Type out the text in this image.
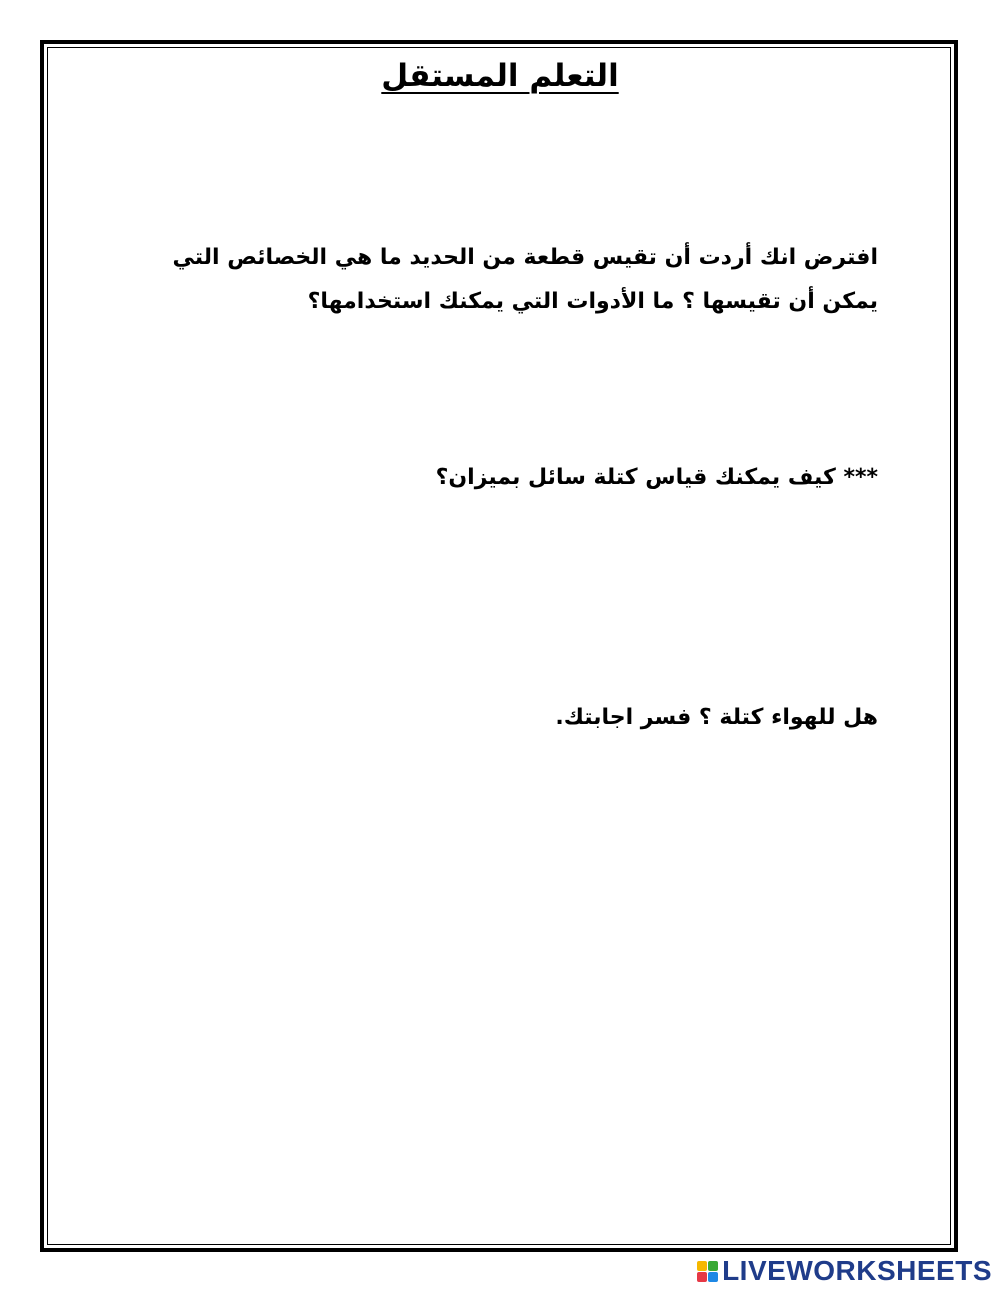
التعلم المستقل

افترض انك أردت أن تقيس قطعة من الحديد ما هي الخصائص التي يمكن أن تقيسها ؟ ما الأدوات التي يمكنك استخدامها؟

*** كيف يمكنك قياس كتلة سائل بميزان؟

هل للهواء كتلة ؟ فسر اجابتك.

LIVEWORKSHEETS
